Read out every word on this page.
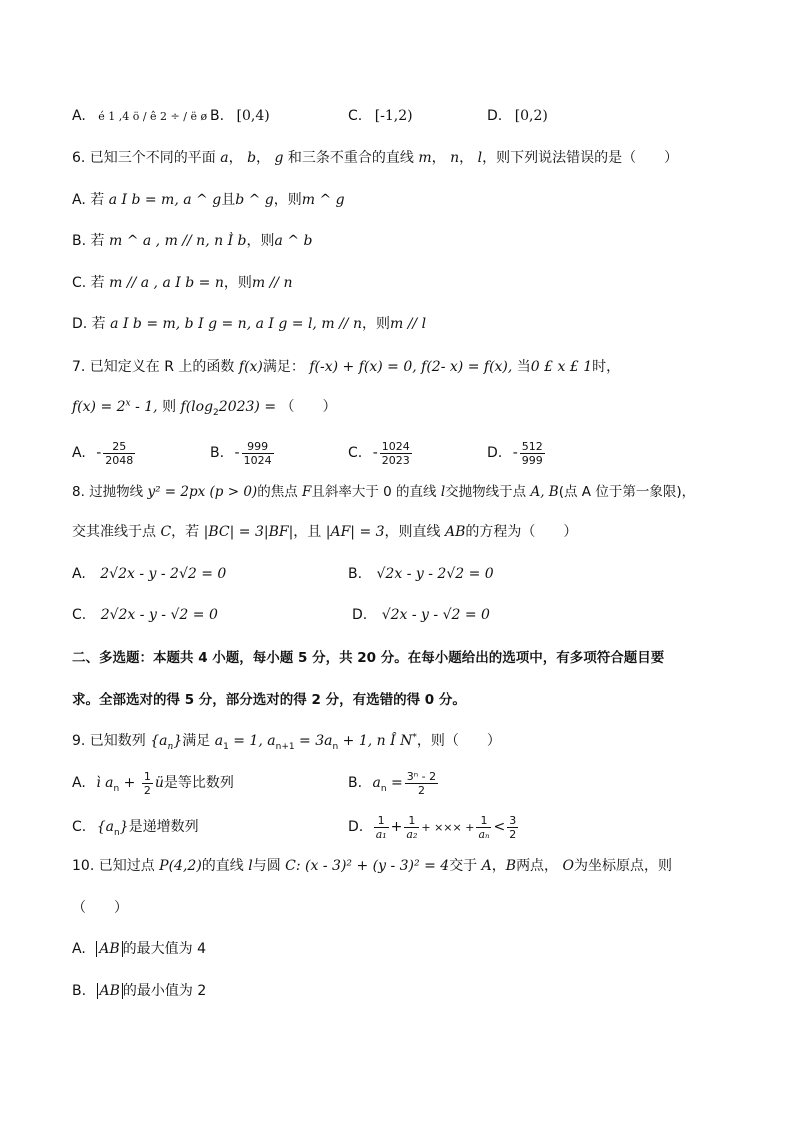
A. é 1 ,4 ö / ê 2 ÷ / ë ø B. [0,4)	C. [-1,2)	D. [0,2)
6. 已知三个不同的平面 a， b， g 和三条不重合的直线 m， n， l，则下列说法错误的是（　　）
A. 若 a I b = m, a ^ g且b ^ g，则m ^ g
B. 若 m ^ a , m // n, n Ì b，则a ^ b
C. 若 m // a , a I b = n，则m // n
D. 若 a I b = m, b I g = n, a I g = l, m // n，则m // l
7. 已知定义在 R 上的函数 f(x)满足： f(-x) + f(x) = 0, f(2- x) = f(x), 当0 £ x £ 1时，
$f(x) = 2^x - 1$, 则 $f(\log_22023)$ = （　　）
A. - $\frac{25}{2048}$	B. - $\frac{999}{1024}$	C. - $\frac{1024}{2023}$	D. - $\frac{512}{999}$
8. 过抛物线 y² = 2px (p > 0)的焦点 F且斜率大于 0 的直线 l交抛物线于点 A, B(点 A 位于第一象限)，
交其准线于点 C，若 |BC| = 3|BF|，且 |AF| = 3，则直线 AB的方程为（　　）
A. 2√2x - y - 2√2 = 0	B. √2x - y - 2√2 = 0
C. 2√2x - y - √2 = 0	D. √2x - y - √2 = 0
二、多选题：本题共 4 小题，每小题 5 分，共 20 分。在每小题给出的选项中，有多项符合题目要
求。全部选对的得 5 分，部分选对的得 2 分，有选错的得 0 分。
9. 已知数列 $\{a_n\}$满足 $a_1 = 1$, $a_{n+1} = 3a_n + 1$, n Î N*，则（　　）
A. ì $a_n + \frac{1}{2}$ ü是等比数列	B. $a_n = \frac{\text{3ⁿ - 2}}{2}$
C. $\{a_n\}$是递增数列	D. $\frac{1}{\text{a₁}} + \frac{1}{\text{a₂}}$ + ××× + $\frac{1}{\text{aₙ}} < \frac{3}{2}$
10. 已知过点 P(4,2)的直线 l与圆 C: (x - 3)² + (y - 3)² = 4交于 A，B两点， O为坐标原点，则
（　　）
A. AB 的最大值为 4
B. AB 的最小值为 2
